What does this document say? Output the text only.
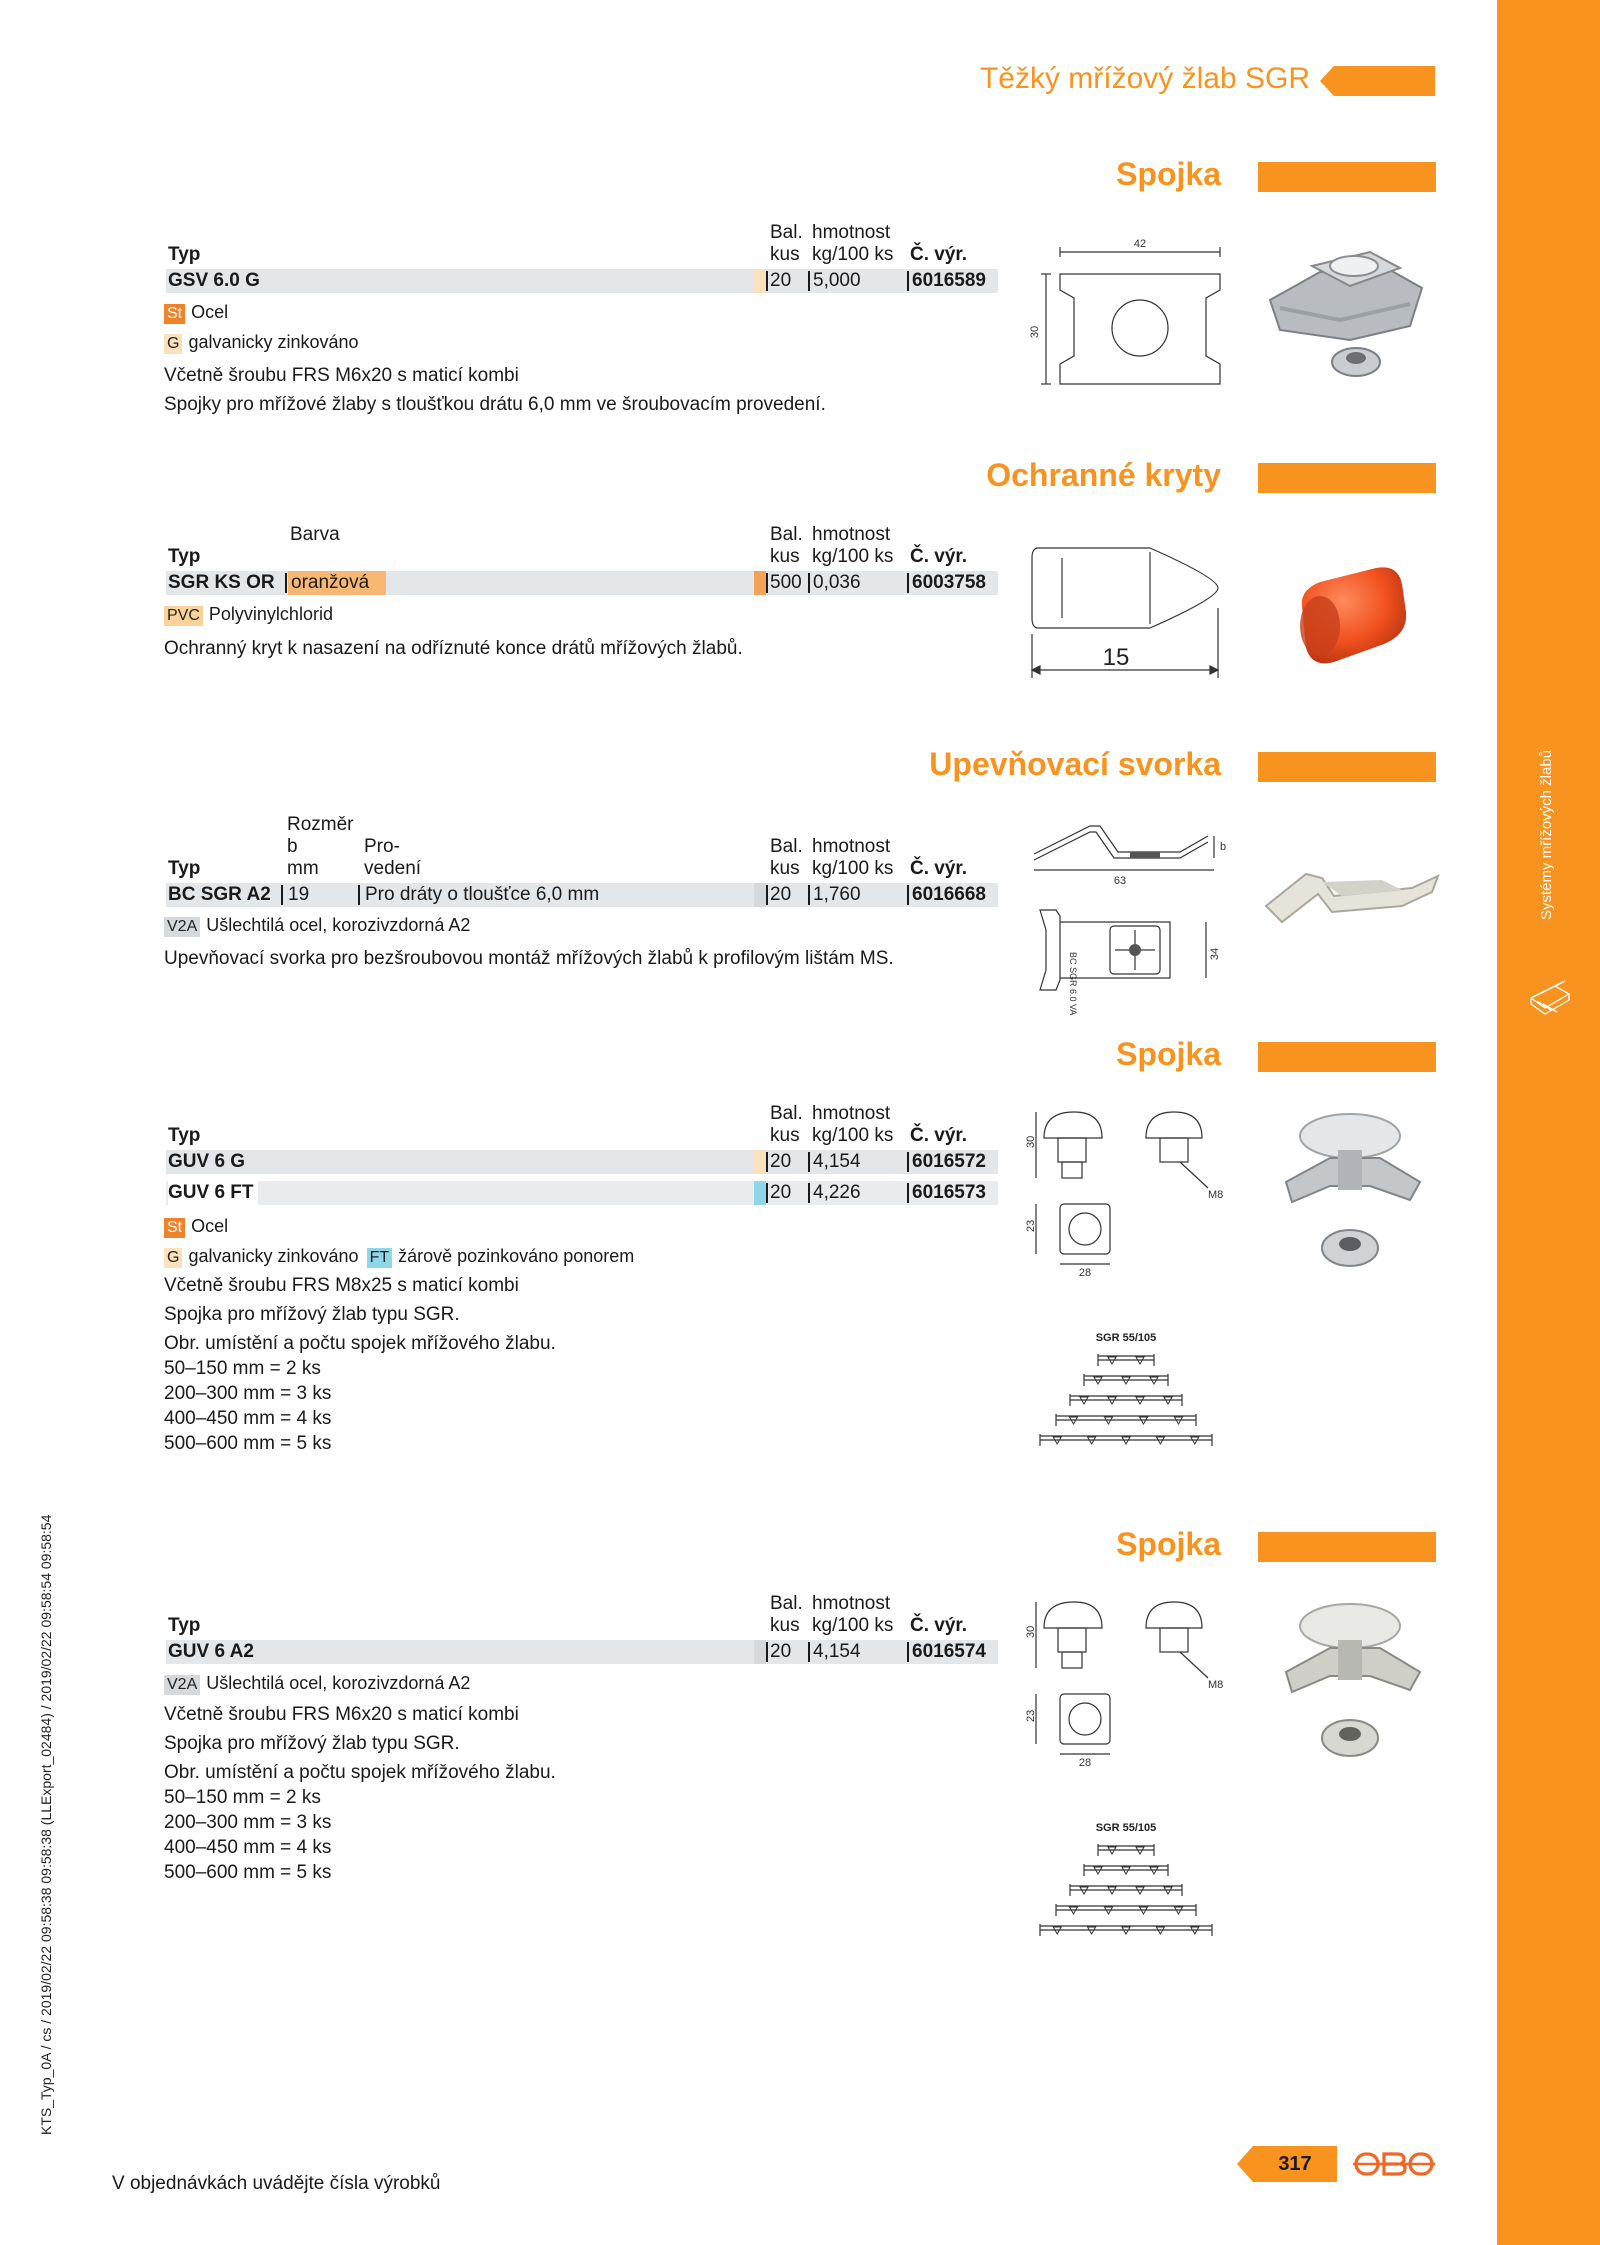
Systémy mřížových žlabů
KTS_Typ_0A / cs / 2019/02/22 09:58:38 09:58:38 (LLExport_02484) / 2019/02/22 09:58:54 09:58:54
Těžký mřížový žlab SGR
Spojka
Bal.
kus
hmotnost
kg/100 ks
Typ	Č. výr.
GSV 6.0 G	20 5,000	6016589
St Ocel
G galvanicky zinkováno
Včetně šroubu FRS M6x20 s maticí kombi
Spojky pro mřížové žlaby s tloušťkou drátu 6,0 mm ve šroubovacím provedení.
42
30
Ochranné kryty
Barva	Bal.
kus
hmotnost
kg/100 ks
Typ	Č. výr.
SGR KS OR oranžová	500 0,036	6003758
PVC Polyvinylchlorid
Ochranný kryt k nasazení na odříznuté konce drátů mřížových žlabů.	15
Upevňovací svorka
Rozměr
b
mm
Pro-
vedení
Bal.
kus
hmotnost
kg/100 ks
Typ	Č. výr.
BC SGR A2 19	Pro dráty o tloušťce 6,0 mm	20 1,760	6016668
V2A Ušlechtilá ocel, korozivzdorná A2
Upevňovací svorka pro bezšroubovou montáž mřížových žlabů k profilovým lištám MS.
63
b
BC SGR 6.0 VA	34
Spojka
Bal.
kus
hmotnost
kg/100 ks
Typ	Č. výr.
GUV 6 G	20 4,154	6016572
GUV 6 FT	20 4,226	6016573
St Ocel
G galvanicky zinkováno FT žárově pozinkováno ponorem
Včetně šroubu FRS M8x25 s maticí kombi
Spojka pro mřížový žlab typu SGR.
Obr. umístění a počtu spojek mřížového žlabu.
50–150 mm = 2 ks
200–300 mm = 3 ks
400–450 mm = 4 ks
500–600 mm = 5 ks
30
23
28
M8
SGR 55/105
Spojka
Bal.
kus
hmotnost
kg/100 ks
Typ	Č. výr.
GUV 6 A2	20 4,154	6016574
V2A Ušlechtilá ocel, korozivzdorná A2
Včetně šroubu FRS M6x20 s maticí kombi
Spojka pro mřížový žlab typu SGR.
Obr. umístění a počtu spojek mřížového žlabu.
50–150 mm = 2 ks
200–300 mm = 3 ks
400–450 mm = 4 ks
500–600 mm = 5 ks
30
23
28
M8
SGR 55/105
V objednávkách uvádějte čísla výrobků
317
